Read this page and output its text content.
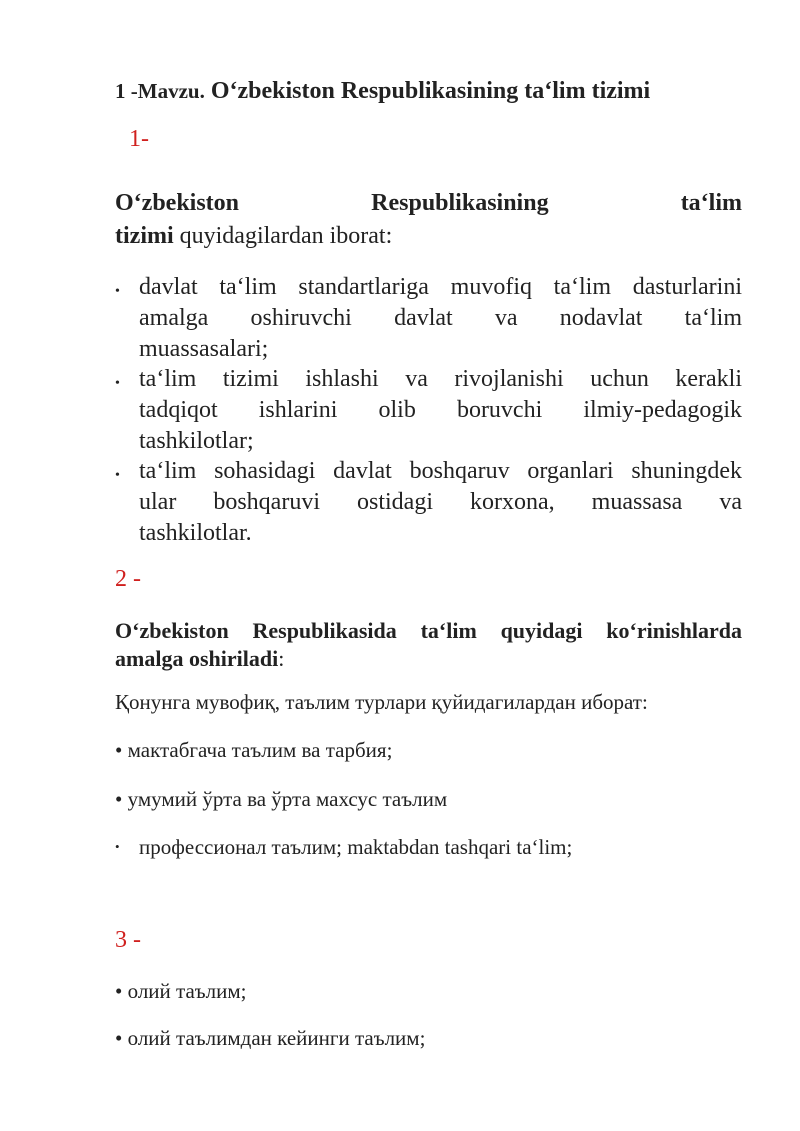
1 -Mavzu. O‘zbekiston Respublikasining ta‘lim tizimi
1-
O‘zbekiston	Respublikasining	ta‘lim
tizimi quyidagilardan iborat:
• davlat ta‘lim standartlariga muvofiq ta‘lim dasturlarini
amalga oshiruvchi davlat va nodavlat ta‘lim
muassasalari;
• ta‘lim tizimi ishlashi va rivojlanishi uchun kerakli
tadqiqot ishlarini olib boruvchi ilmiy-pedagogik
tashkilotlar;
• ta‘lim sohasidagi davlat boshqaruv organlari shuningdek
ular boshqaruvi ostidagi korxona, muassasa va
tashkilotlar.
2 -
O‘zbekiston Respublikasida ta‘lim quyidagi ko‘rinishlarda
amalga oshiriladi:
Қонунга мувофиқ, таълим турлари қуйидагилардан иборат:
• мактабгача таълим ва тарбия;
• умумий ўрта ва ўрта махсус таълим
• профессионал таълим; maktabdan tashqari ta‘lim;
3 -
• олий таълим;
• олий таълимдан кейинги таълим;
